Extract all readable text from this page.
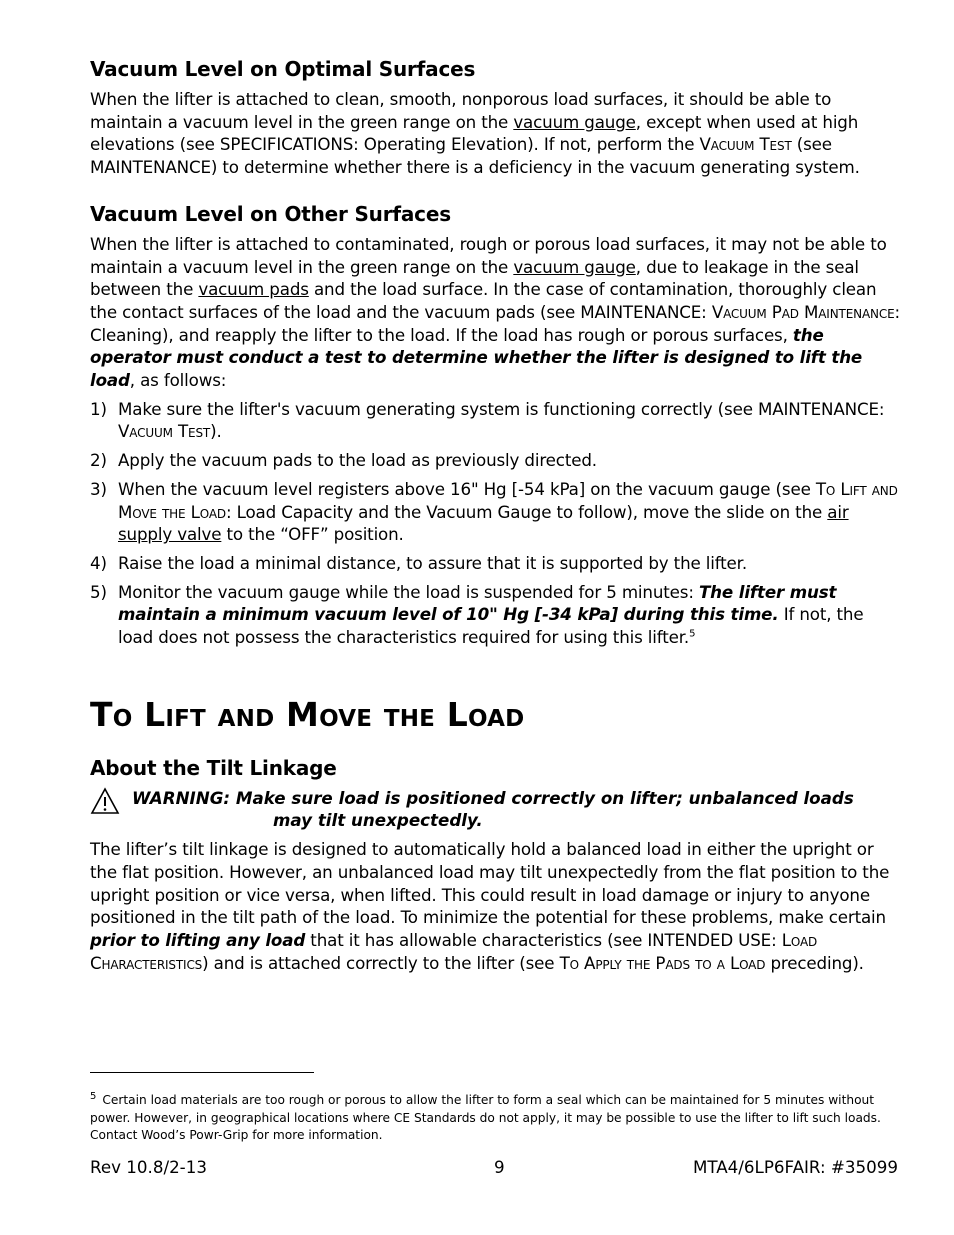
Vacuum Level on Optimal Surfaces

When the lifter is attached to clean, smooth, nonporous load surfaces, it should be able to maintain a vacuum level in the green range on the vacuum gauge, except when used at high elevations (see SPECIFICATIONS: Operating Elevation). If not, perform the Vacuum Test (see MAINTENANCE) to determine whether there is a deficiency in the vacuum generating system.

Vacuum Level on Other Surfaces

When the lifter is attached to contaminated, rough or porous load surfaces, it may not be able to maintain a vacuum level in the green range on the vacuum gauge, due to leakage in the seal between the vacuum pads and the load surface. In the case of contamination, thoroughly clean the contact surfaces of the load and the vacuum pads (see MAINTENANCE: Vacuum Pad Maintenance: Cleaning), and reapply the lifter to the load. If the load has rough or porous surfaces, the operator must conduct a test to determine whether the lifter is designed to lift the load, as follows:

1) Make sure the lifter's vacuum generating system is functioning correctly (see MAINTENANCE: Vacuum Test).
2) Apply the vacuum pads to the load as previously directed.
3) When the vacuum level registers above 16" Hg [-54 kPa] on the vacuum gauge (see To Lift and Move the Load: Load Capacity and the Vacuum Gauge to follow), move the slide on the air supply valve to the “OFF” position.
4) Raise the load a minimal distance, to assure that it is supported by the lifter.
5) Monitor the vacuum gauge while the load is suspended for 5 minutes: The lifter must maintain a minimum vacuum level of 10" Hg [-34 kPa] during this time. If not, the load does not possess the characteristics required for using this lifter.$^5$
To Lift and Move the Load
About the Tilt Linkage
WARNING: Make sure load is positioned correctly on lifter; unbalanced loads
may tilt unexpectedly.

The lifter’s tilt linkage is designed to automatically hold a balanced load in either the upright or the flat position. However, an unbalanced load may tilt unexpectedly from the flat position to the upright position or vice versa, when lifted. This could result in load damage or injury to anyone positioned in the tilt path of the load. To minimize the potential for these problems, make certain prior to lifting any load that it has allowable characteristics (see INTENDED USE: Load Characteristics) and is attached correctly to the lifter (see To Apply the Pads to a Load preceding).

$^5$ Certain load materials are too rough or porous to allow the lifter to form a seal which can be maintained for 5 minutes without power. However, in geographical locations where CE Standards do not apply, it may be possible to use the lifter to lift such loads. Contact Wood’s Powr-Grip for more information.
Rev 10.8/2-13	9	MTA4/6LP6FAIR: #35099
